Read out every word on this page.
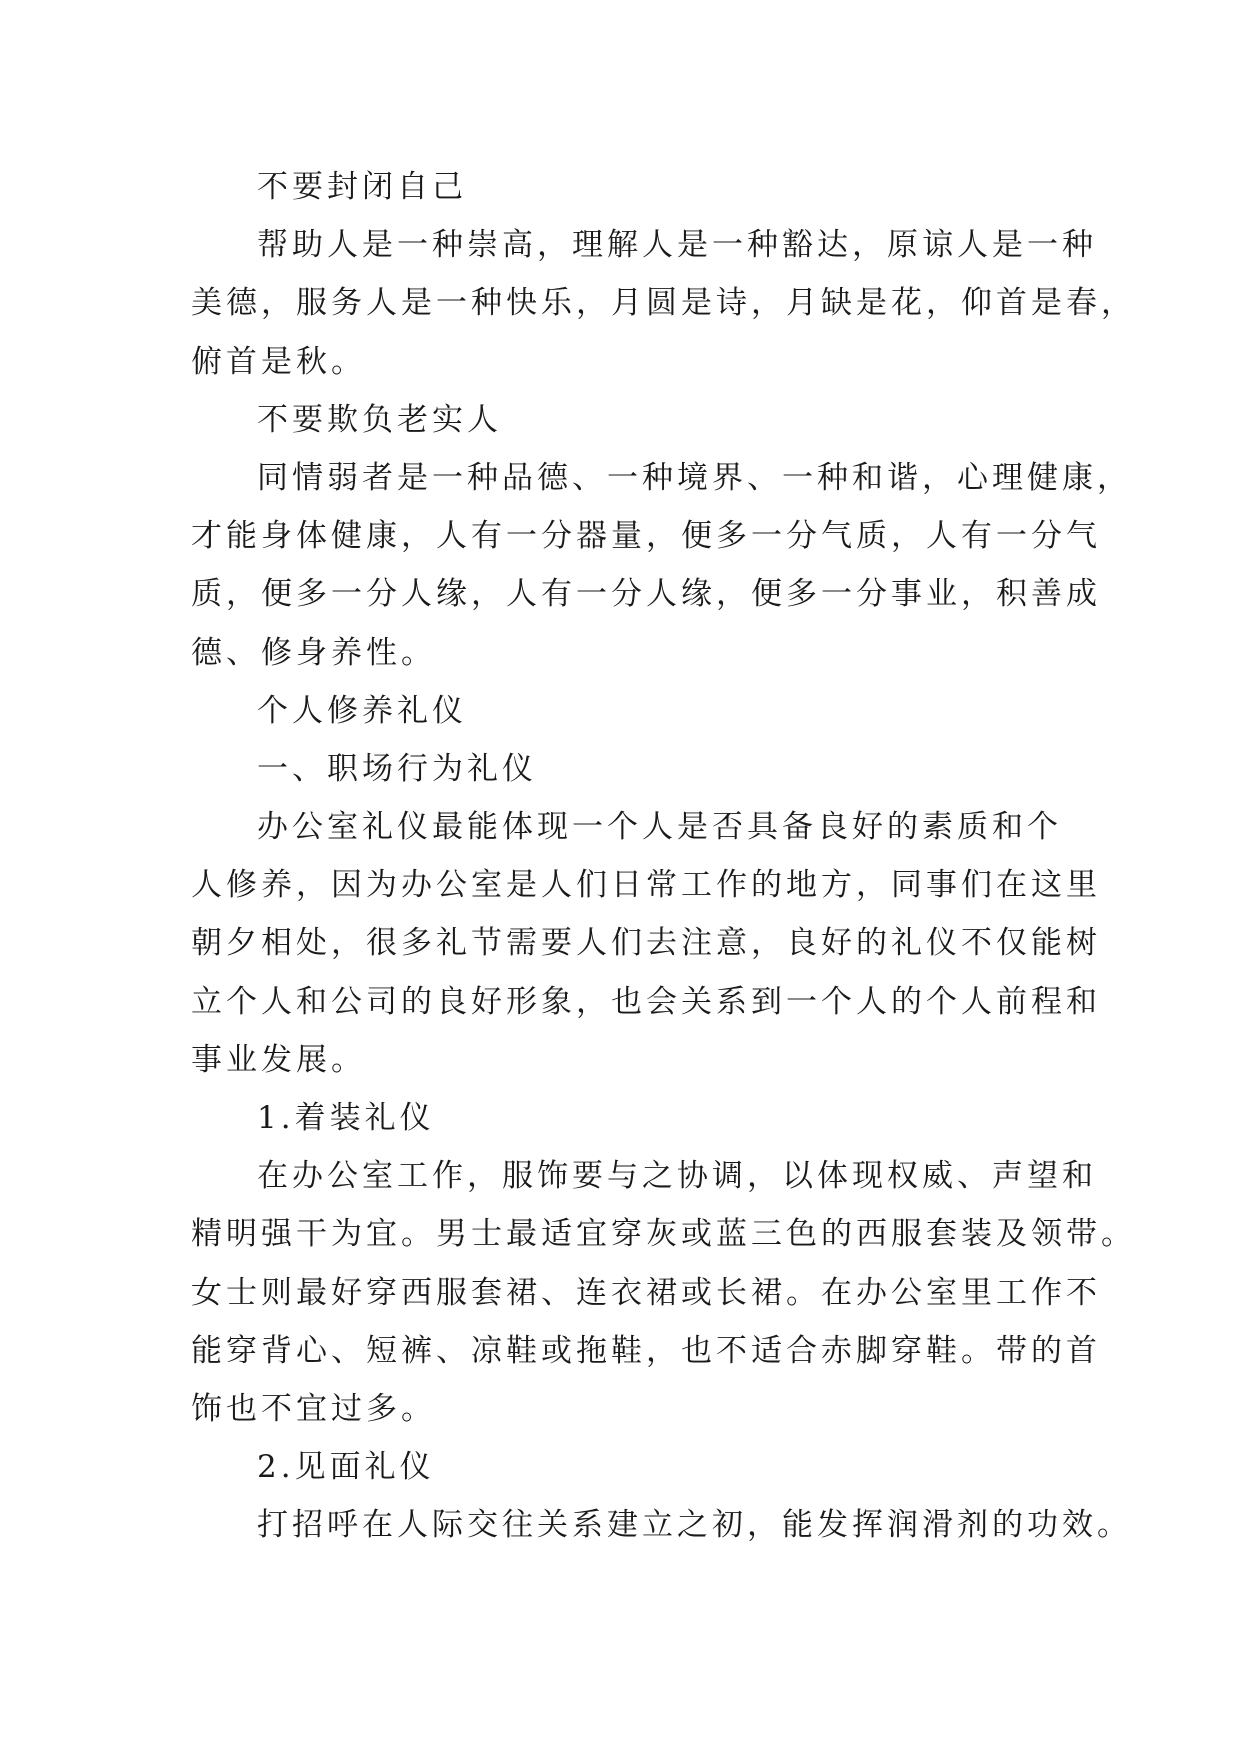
不要封闭自己
帮助人是一种崇高，理解人是一种豁达，原谅人是一种
美德，服务人是一种快乐，月圆是诗，月缺是花，仰首是春，
俯首是秋。
不要欺负老实人
同情弱者是一种品德、一种境界、一种和谐，心理健康，
才能身体健康，人有一分器量，便多一分气质，人有一分气
质，便多一分人缘，人有一分人缘，便多一分事业，积善成
德、修身养性。
个人修养礼仪
一、职场行为礼仪
办公室礼仪最能体现一个人是否具备良好的素质和个
人修养，因为办公室是人们日常工作的地方，同事们在这里
朝夕相处，很多礼节需要人们去注意，良好的礼仪不仅能树
立个人和公司的良好形象，也会关系到一个人的个人前程和
事业发展。
1.着装礼仪
在办公室工作，服饰要与之协调，以体现权威、声望和
精明强干为宜。男士最适宜穿灰或蓝三色的西服套装及领带。
女士则最好穿西服套裙、连衣裙或长裙。在办公室里工作不
能穿背心、短裤、凉鞋或拖鞋，也不适合赤脚穿鞋。带的首
饰也不宜过多。
2.见面礼仪
打招呼在人际交往关系建立之初，能发挥润滑剂的功效。
